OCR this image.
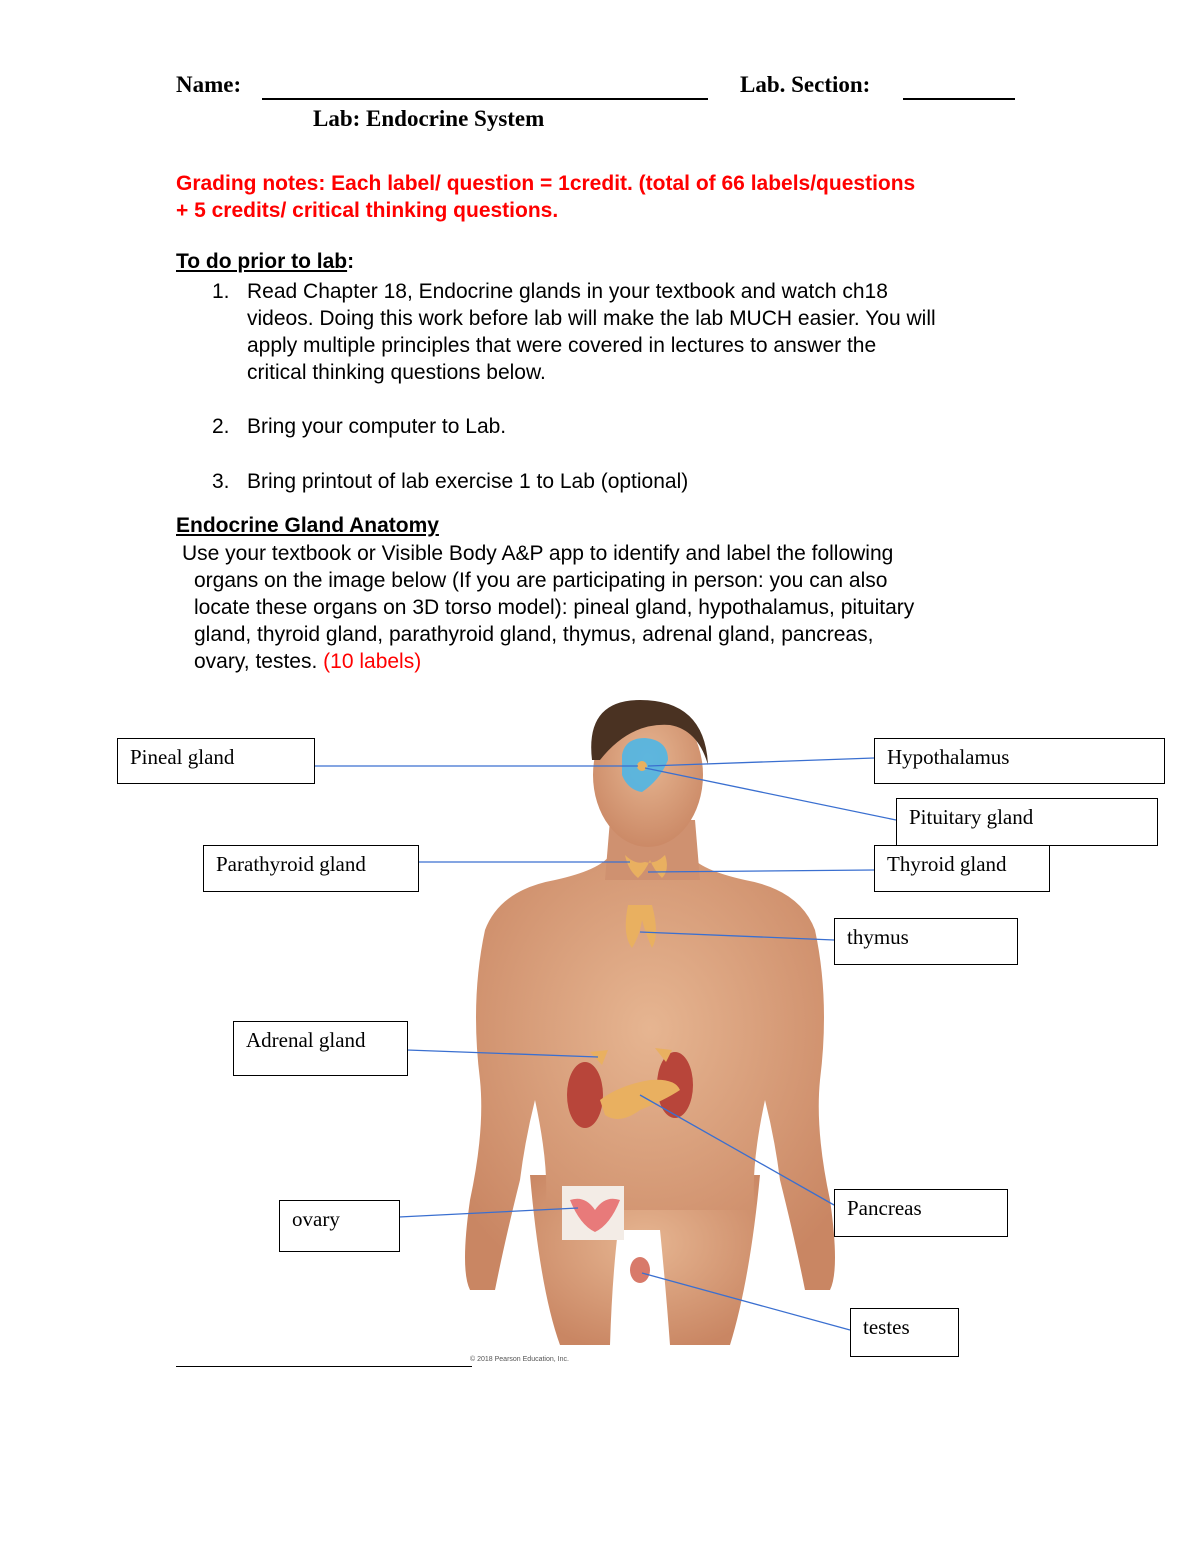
Name:	Lab. Section:
Lab: Endocrine System
Grading notes: Each label/ question = 1credit. (total of 66 labels/questions
+ 5 credits/ critical thinking questions.
To do prior to lab:
1. Read Chapter 18, Endocrine glands in your textbook and watch ch18
videos. Doing this work before lab will make the lab MUCH easier. You will
apply multiple principles that were covered in lectures to answer the
critical thinking questions below.
2. Bring your computer to Lab.
3. Bring printout of lab exercise 1 to Lab (optional)
Endocrine Gland Anatomy
Use your textbook or Visible Body A&P app to identify and label the following
organs on the image below (If you are participating in person: you can also
locate these organs on 3D torso model): pineal gland, hypothalamus, pituitary
gland, thyroid gland, parathyroid gland, thymus, adrenal gland, pancreas,
ovary, testes. (10 labels)
© 2018 Pearson Education, Inc.
Pineal gland	Hypothalamus
Pituitary gland
Parathyroid gland	Thyroid gland
thymus
Adrenal gland
Pancreas
ovary
testes
